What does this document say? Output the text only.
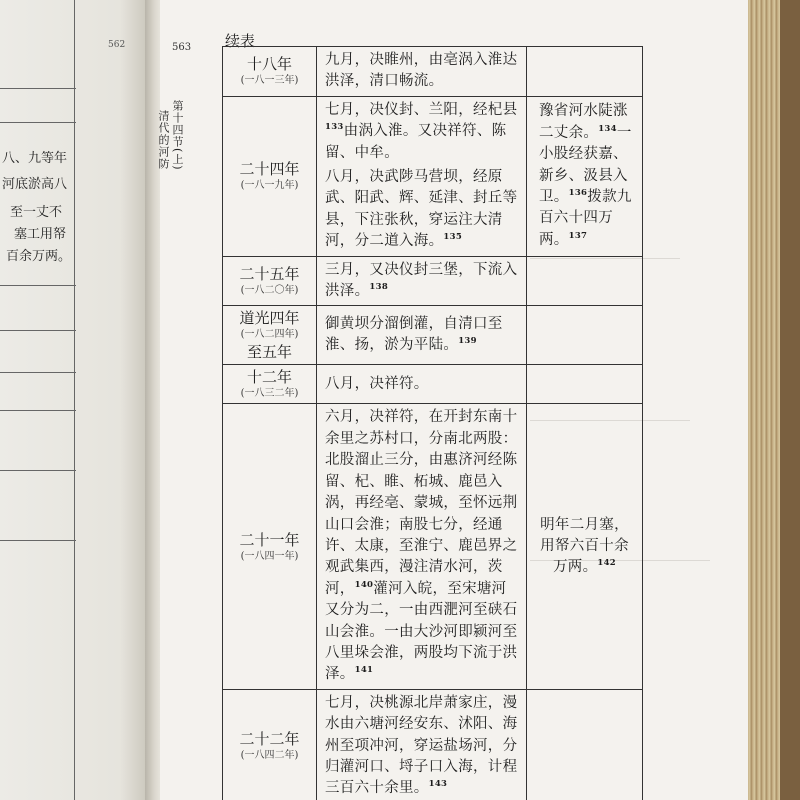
562
八、九等年
河底淤高八
至一丈不
塞工用帑
百余万两。
563
第十四节(上)
清代的河防
续表
十八年
(一八一三年)	九月，决睢州，由亳涡入淮达洪泽，清口畅流。	

二十四年
(一八一九年)	七月，决仪封、兰阳，经杞县$^{133}$由涡入淮。又决祥符、陈留、中牟。
八月，决武陟马营坝，经原武、阳武、辉、延津、封丘等县，下注张秋，穿运注大清河，分二道入海。$^{135}$	豫省河水陡涨二丈余。$^{134}$一小股经获嘉、新乡、汲县入卫。$^{136}$拨款九百六十四万两。$^{137}$

二十五年
(一八二〇年)	三月，又决仪封三堡，下流入洪泽。$^{138}$

道光四年
(一八二四年)
至五年	御黄坝分溜倒灌，自清口至淮、扬，淤为平陆。$^{139}$

十二年
(一八三二年)	八月，决祥符。	

二十一年
(一八四一年)	六月，决祥符，在开封东南十余里之苏村口，分南北两股：北股溜止三分，由惠济河经陈留、杞、睢、柘城、鹿邑入涡，再经亳、蒙城，至怀远荆山口会淮；南股七分，经通许、太康，至淮宁、鹿邑界之观武集西，漫注清水河，茨河，$^{140}$灌河入皖，至宋塘河又分为二，一由西淝河至硖石山会淮。一由大沙河即颍河至八里垛会淮，两股均下流于洪泽。$^{141}$	明年二月塞，用帑六百十余万两。$^{142}$

二十二年
(一八四二年)	七月，决桃源北岸萧家庄，漫水由六塘河经安东、沭阳、海州至项冲河，穿运盐场河，分归灌河口、埒子口入海，计程三百六十余里。$^{143}$
